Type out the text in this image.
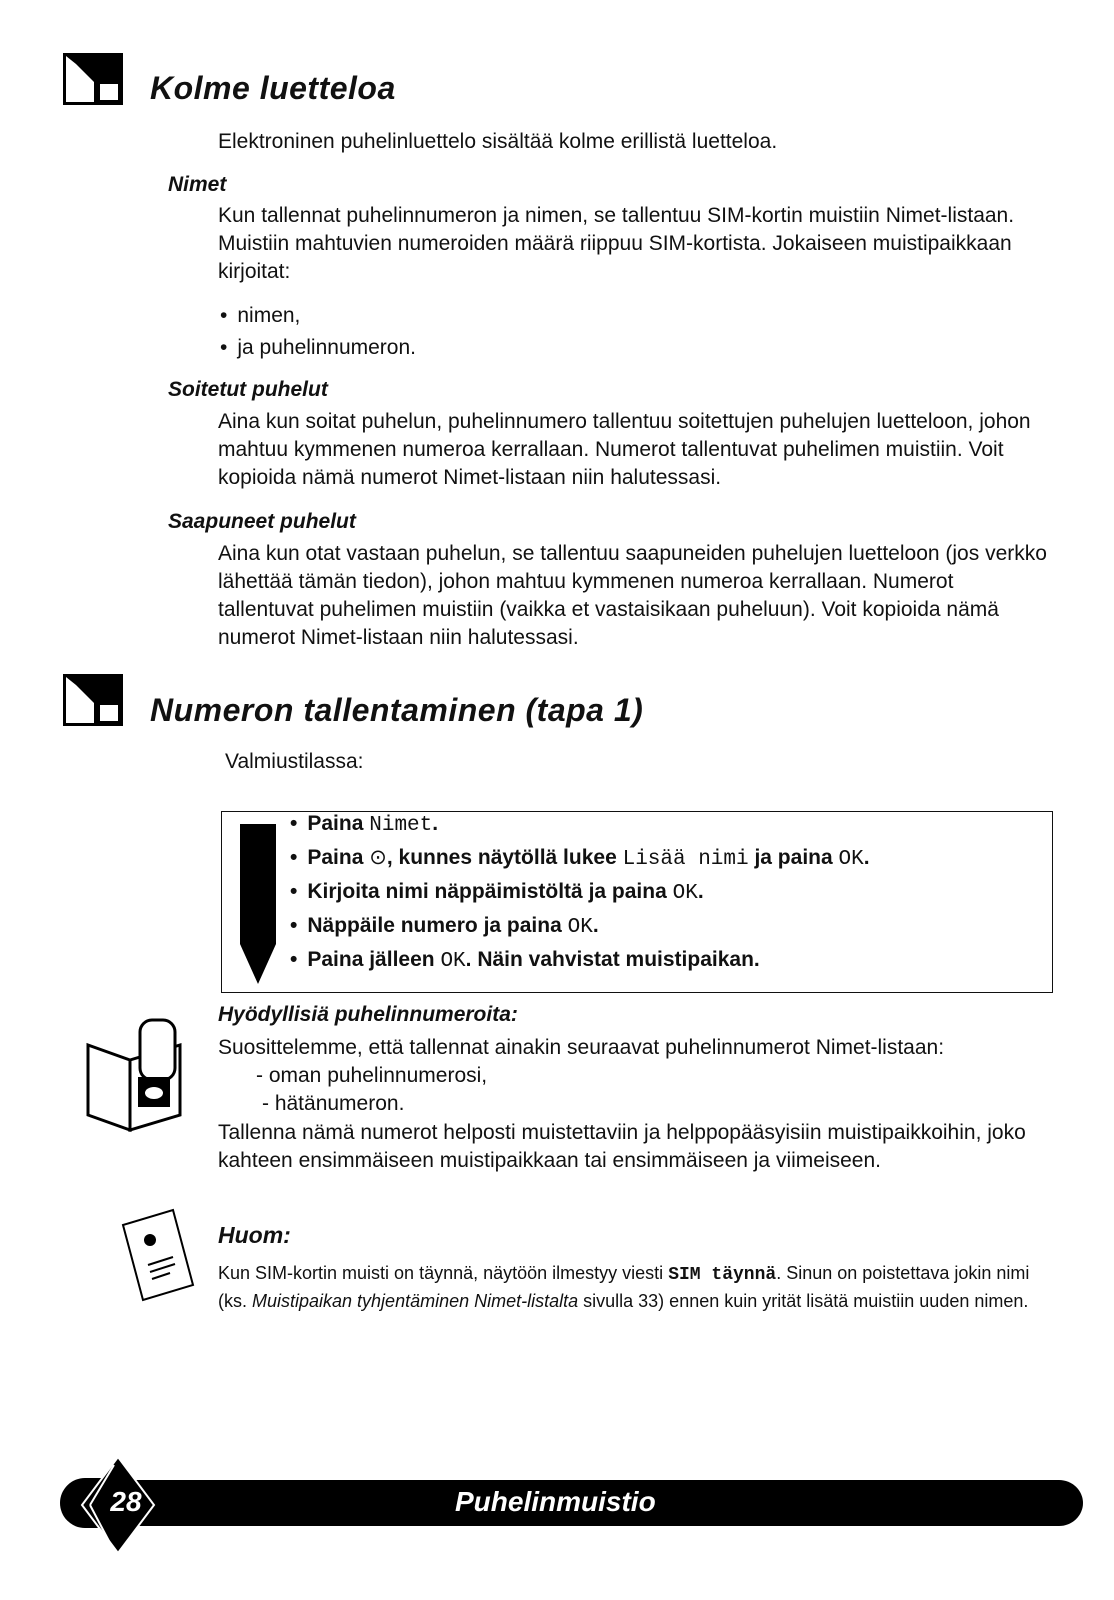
Kolme luetteloa
Elektroninen puhelinluettelo sisältää kolme erillistä luetteloa.
Nimet
Kun tallennat puhelinnumeron ja nimen, se tallentuu SIM-kortin muistiin Nimet-listaan. Muistiin mahtuvien numeroiden määrä riippuu SIM-kortista. Jokaiseen muistipaikkaan kirjoitat:
• nimen,
• ja puhelinnumeron.
Soitetut puhelut
Aina kun soitat puhelun, puhelinnumero tallentuu soitettujen puhelujen luetteloon, johon mahtuu kymmenen numeroa kerrallaan. Numerot tallentuvat puhelimen muistiin. Voit kopioida nämä numerot Nimet-listaan niin halutessasi.
Saapuneet puhelut
Aina kun otat vastaan puhelun, se tallentuu saapuneiden puhelujen luetteloon (jos verkko lähettää tämän tiedon), johon mahtuu kymmenen numeroa kerrallaan. Numerot tallentuvat puhelimen muistiin (vaikka et vastaisikaan puheluun). Voit kopioida nämä numerot Nimet-listaan niin halutessasi.
Numeron tallentaminen (tapa 1)
Valmiustilassa:
• Paina Nimet.
• Paina ⊙, kunnes näytöllä lukee Lisää nimi ja paina OK.
• Kirjoita nimi näppäimistöltä ja paina OK.
• Näppäile numero ja paina OK.
• Paina jälleen OK. Näin vahvistat muistipaikan.
Hyödyllisiä puhelinnumeroita:
Suosittelemme, että tallennat ainakin seuraavat puhelinnumerot Nimet-listaan:
- oman puhelinnumerosi,
- hätänumeron.
Tallenna nämä numerot helposti muistettaviin ja helppopääsyisiin muistipaikkoihin, joko kahteen ensimmäiseen muistipaikkaan tai ensimmäiseen ja viimeiseen.
Huom:
Kun SIM-kortin muisti on täynnä, näytöön ilmestyy viesti SIM täynnä. Sinun on poistettava jokin nimi (ks. Muistipaikan tyhjentäminen Nimet-listalta sivulla 33) ennen kuin yrität lisätä muistiin uuden nimen.
28	Puhelinmuistio
